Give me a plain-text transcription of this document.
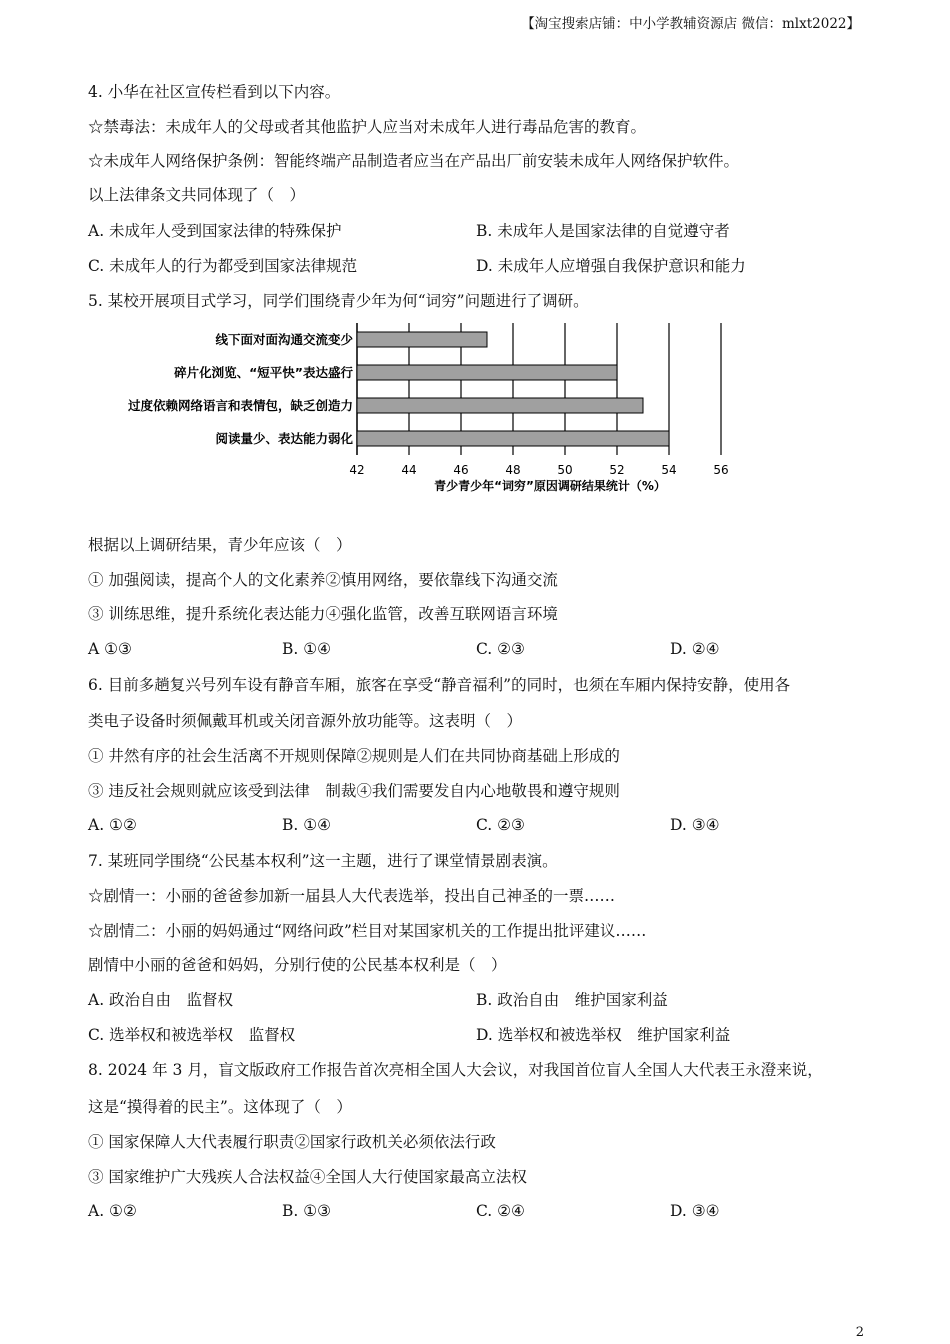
【淘宝搜索店铺：中小学教辅资源店 微信：mlxt2022】
4. 小华在社区宣传栏看到以下内容。
☆禁毒法：未成年人的父母或者其他监护人应当对未成年人进行毒品危害的教育。
☆未成年人网络保护条例：智能终端产品制造者应当在产品出厂前安装未成年人网络保护软件。
以上法律条文共同体现了（　）
A. 未成年人受到国家法律的特殊保护	B. 未成年人是国家法律的自觉遵守者
C. 未成年人的行为都受到国家法律规范	D. 未成年人应增强自我保护意识和能力
5. 某校开展项目式学习，同学们围绕青少年为何“词穷”问题进行了调研。
线下面对面沟通交流变少
碎片化浏览、“短平快”表达盛行
过度依赖网络语言和表情包，缺乏创造力
阅读量少、表达能力弱化
42	44	46	48	50	52	54	56
青少青少年“词穷”原因调研结果统计（%）
根据以上调研结果，青少年应该（　）
① 加强阅读，提高个人的文化素养②慎用网络，要依靠线下沟通交流
③ 训练思维，提升系统化表达能力④强化监管，改善互联网语言环境
A ①③	B. ①④	C. ②③	D. ②④
6. 目前多趟复兴号列车设有静音车厢，旅客在享受“静音福利”的同时，也须在车厢内保持安静，使用各
类电子设备时须佩戴耳机或关闭音源外放功能等。这表明（　）
① 井然有序的社会生活离不开规则保障②规则是人们在共同协商基础上形成的
③ 违反社会规则就应该受到法律　制裁④我们需要发自内心地敬畏和遵守规则
A. ①②	B. ①④	C. ②③	D. ③④
7. 某班同学围绕“公民基本权利”这一主题，进行了课堂情景剧表演。
☆剧情一：小丽的爸爸参加新一届县人大代表选举，投出自己神圣的一票……
☆剧情二：小丽的妈妈通过“网络问政”栏目对某国家机关的工作提出批评建议……
剧情中小丽的爸爸和妈妈，分别行使的公民基本权利是（　）
A. 政治自由　监督权	B. 政治自由　维护国家利益
C. 选举权和被选举权　监督权	D. 选举权和被选举权　维护国家利益
8. 2024 年 3 月，盲文版政府工作报告首次亮相全国人大会议，对我国首位盲人全国人大代表王永澄来说，
这是“摸得着的民主”。这体现了（　）
① 国家保障人大代表履行职责②国家行政机关必须依法行政
③ 国家维护广大残疾人合法权益④全国人大行使国家最高立法权
A. ①②	B. ①③	C. ②④	D. ③④
2
